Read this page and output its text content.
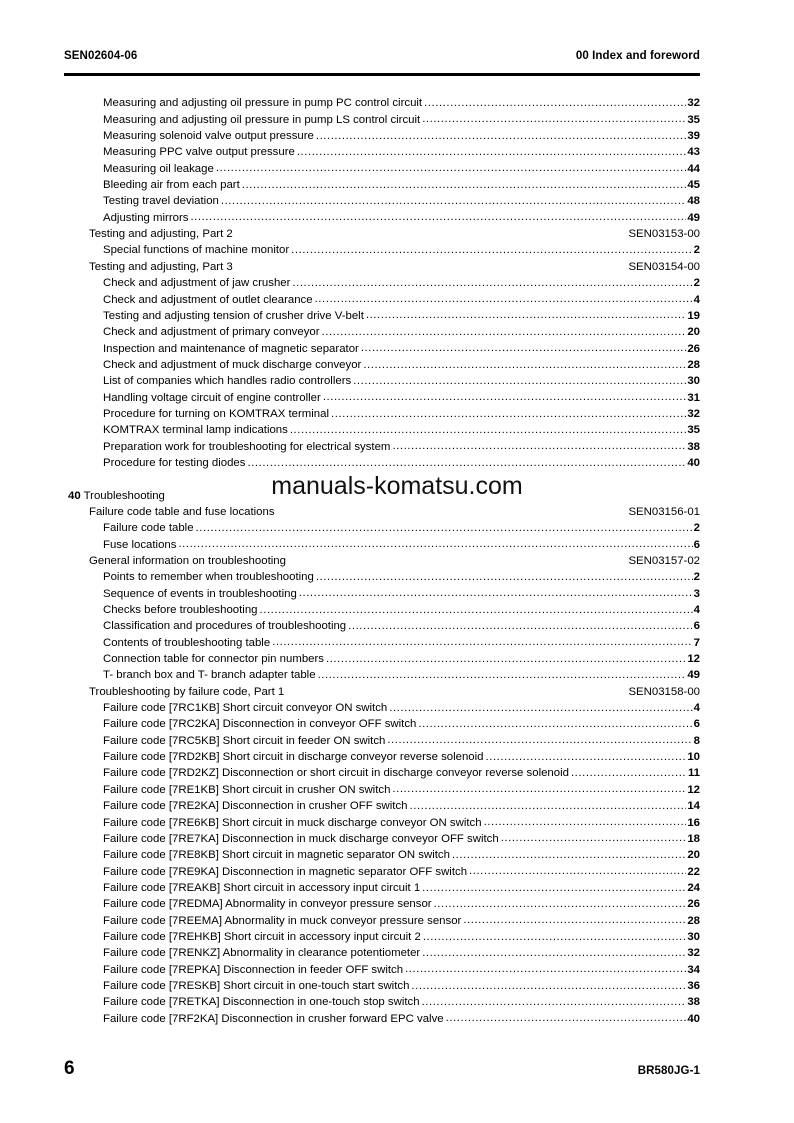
SEN02604-06	00 Index and foreword
Measuring and adjusting oil pressure in pump PC control circuit .....	32
Measuring and adjusting oil pressure in pump LS control circuit .....	35
Measuring solenoid valve output pressure .....	39
Measuring PPC valve output pressure .....	43
Measuring oil leakage .....	44
Bleeding air from each part .....	45
Testing travel deviation .....	48
Adjusting mirrors .....	49
Testing and adjusting, Part 2	SEN03153-00
Special functions of machine monitor .....	2
Testing and adjusting, Part 3	SEN03154-00
Check and adjustment of jaw crusher .....	2
Check and adjustment of outlet clearance .....	4
Testing and adjusting tension of crusher drive V-belt .....	19
Check and adjustment of primary conveyor .....	20
Inspection and maintenance of magnetic separator .....	26
Check and adjustment of muck discharge conveyor .....	28
List of companies which handles radio controllers .....	30
Handling voltage circuit of engine controller .....	31
Procedure for turning on KOMTRAX terminal .....	32
KOMTRAX terminal lamp indications .....	35
Preparation work for troubleshooting for electrical system .....	38
Procedure for testing diodes .....	40

40 Troubleshooting
Failure code table and fuse locations	SEN03156-01
Failure code table .....	2
Fuse locations .....	6
General information on troubleshooting	SEN03157-02
Points to remember when troubleshooting .....	2
Sequence of events in troubleshooting .....	3
Checks before troubleshooting .....	4
Classification and procedures of troubleshooting .....	6
Contents of troubleshooting table .....	7
Connection table for connector pin numbers .....	12
T- branch box and T- branch adapter table .....	49
Troubleshooting by failure code, Part 1	SEN03158-00
Failure code [7RC1KB] Short circuit conveyor ON switch .....	4
Failure code [7RC2KA] Disconnection in conveyor OFF switch .....	6
Failure code [7RC5KB] Short circuit in feeder ON switch .....	8
Failure code [7RD2KB] Short circuit in discharge conveyor reverse solenoid .....	10
Failure code [7RD2KZ] Disconnection or short circuit in discharge conveyor reverse solenoid .....	11
Failure code [7RE1KB] Short circuit in crusher ON switch .....	12
Failure code [7RE2KA] Disconnection in crusher OFF switch .....	14
Failure code [7RE6KB] Short circuit in muck discharge conveyor ON switch .....	16
Failure code [7RE7KA] Disconnection in muck discharge conveyor OFF switch .....	18
Failure code [7RE8KB] Short circuit in magnetic separator ON switch .....	20
Failure code [7RE9KA] Disconnection in magnetic separator OFF switch .....	22
Failure code [7REAKB] Short circuit in accessory input circuit 1 .....	24
Failure code [7REDMA] Abnormality in conveyor pressure sensor .....	26
Failure code [7REEMA] Abnormality in muck conveyor pressure sensor .....	28
Failure code [7REHKB] Short circuit in accessory input circuit 2 .....	30
Failure code [7RENKZ] Abnormality in clearance potentiometer .....	32
Failure code [7REPKA] Disconnection in feeder OFF switch .....	34
Failure code [7RESKB] Short circuit in one-touch start switch .....	36
Failure code [7RETKA] Disconnection in one-touch stop switch .....	38
Failure code [7RF2KA] Disconnection in crusher forward EPC valve .....	40
manuals-komatsu.com
6	BR580JG-1
